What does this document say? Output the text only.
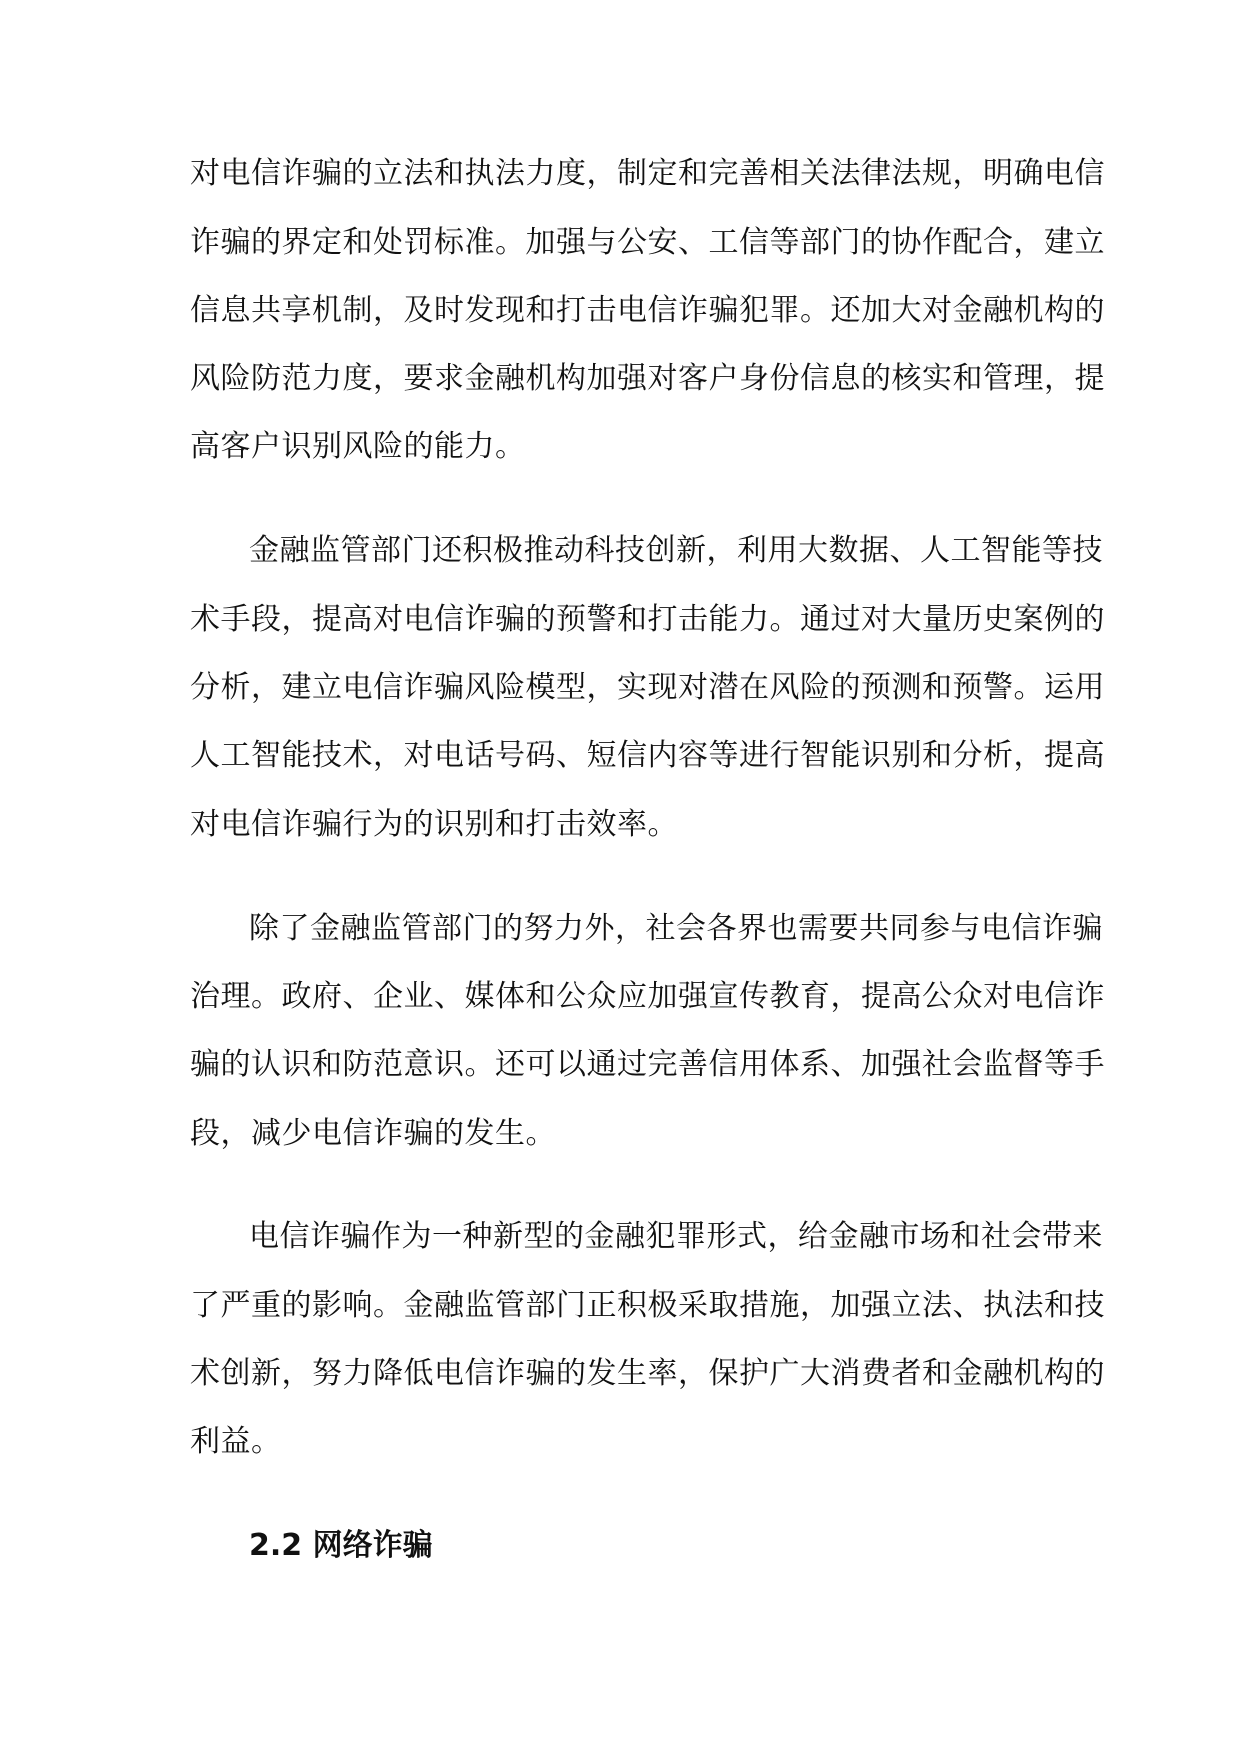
对电信诈骗的立法和执法力度，制定和完善相关法律法规，明确电信
诈骗的界定和处罚标准。加强与公安、工信等部门的协作配合，建立
信息共享机制，及时发现和打击电信诈骗犯罪。还加大对金融机构的
风险防范力度，要求金融机构加强对客户身份信息的核实和管理，提
高客户识别风险的能力。
金融监管部门还积极推动科技创新，利用大数据、人工智能等技
术手段，提高对电信诈骗的预警和打击能力。通过对大量历史案例的
分析，建立电信诈骗风险模型，实现对潜在风险的预测和预警。运用
人工智能技术，对电话号码、短信内容等进行智能识别和分析，提高
对电信诈骗行为的识别和打击效率。
除了金融监管部门的努力外，社会各界也需要共同参与电信诈骗
治理。政府、企业、媒体和公众应加强宣传教育，提高公众对电信诈
骗的认识和防范意识。还可以通过完善信用体系、加强社会监督等手
段，减少电信诈骗的发生。
电信诈骗作为一种新型的金融犯罪形式，给金融市场和社会带来
了严重的影响。金融监管部门正积极采取措施，加强立法、执法和技
术创新，努力降低电信诈骗的发生率，保护广大消费者和金融机构的
利益。
2.2 网络诈骗
